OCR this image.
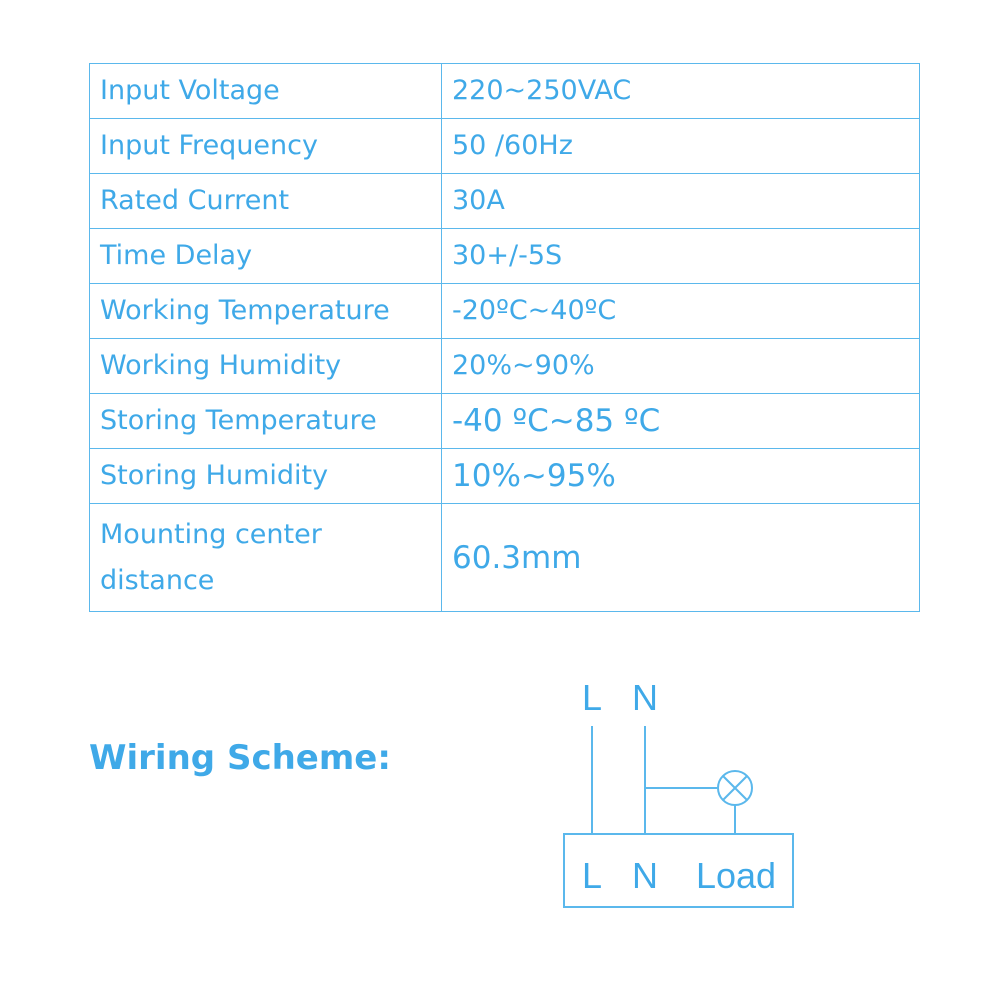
Input Voltage	220~250VAC
Input Frequency	50 /60Hz
Rated Current	30A
Time Delay	30+/-5S
Working Temperature	-20ºC~40ºC
Working Humidity	20%~90%
Storing Temperature	-40 ºC~85 ºC
Storing Humidity	10%~95%
Mounting center distance	60.3mm
Wiring Scheme:
L N
L N Load
